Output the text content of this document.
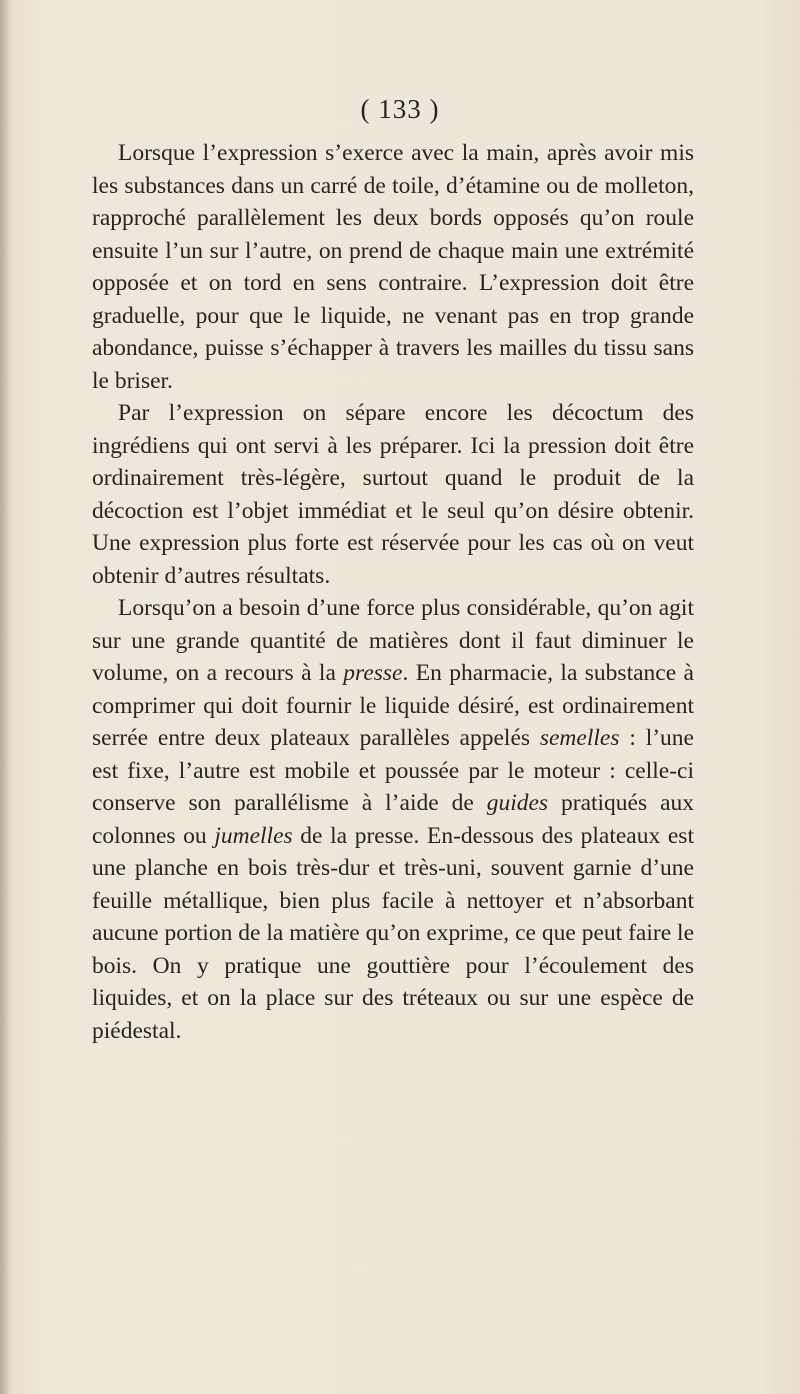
( 133 )

Lorsque l’expression s’exerce avec la main, après avoir mis les substances dans un carré de toile, d’étamine ou de molleton, rapproché parallèlement les deux bords opposés qu’on roule ensuite l’un sur l’autre, on prend de chaque main une extrémité opposée et on tord en sens contraire. L’expression doit être graduelle, pour que le liquide, ne venant pas en trop grande abondance, puisse s’échapper à travers les mailles du tissu sans le briser.

Par l’expression on sépare encore les décoctum des ingrédiens qui ont servi à les préparer. Ici la pression doit être ordinairement très-légère, surtout quand le produit de la décoction est l’objet immédiat et le seul qu’on désire obtenir. Une expression plus forte est réservée pour les cas où on veut obtenir d’autres résultats.

Lorsqu’on a besoin d’une force plus considérable, qu’on agit sur une grande quantité de matières dont il faut diminuer le volume, on a recours à la presse. En pharmacie, la substance à comprimer qui doit fournir le liquide désiré, est ordinairement serrée entre deux plateaux parallèles appelés semelles : l’une est fixe, l’autre est mobile et poussée par le moteur : celle-ci conserve son parallélisme à l’aide de guides pratiqués aux colonnes ou jumelles de la presse. En-dessous des plateaux est une planche en bois très-dur et très-uni, souvent garnie d’une feuille métallique, bien plus facile à nettoyer et n’absorbant aucune portion de la matière qu’on exprime, ce que peut faire le bois. On y pratique une gouttière pour l’écoulement des liquides, et on la place sur des tréteaux ou sur une espèce de piédestal.
